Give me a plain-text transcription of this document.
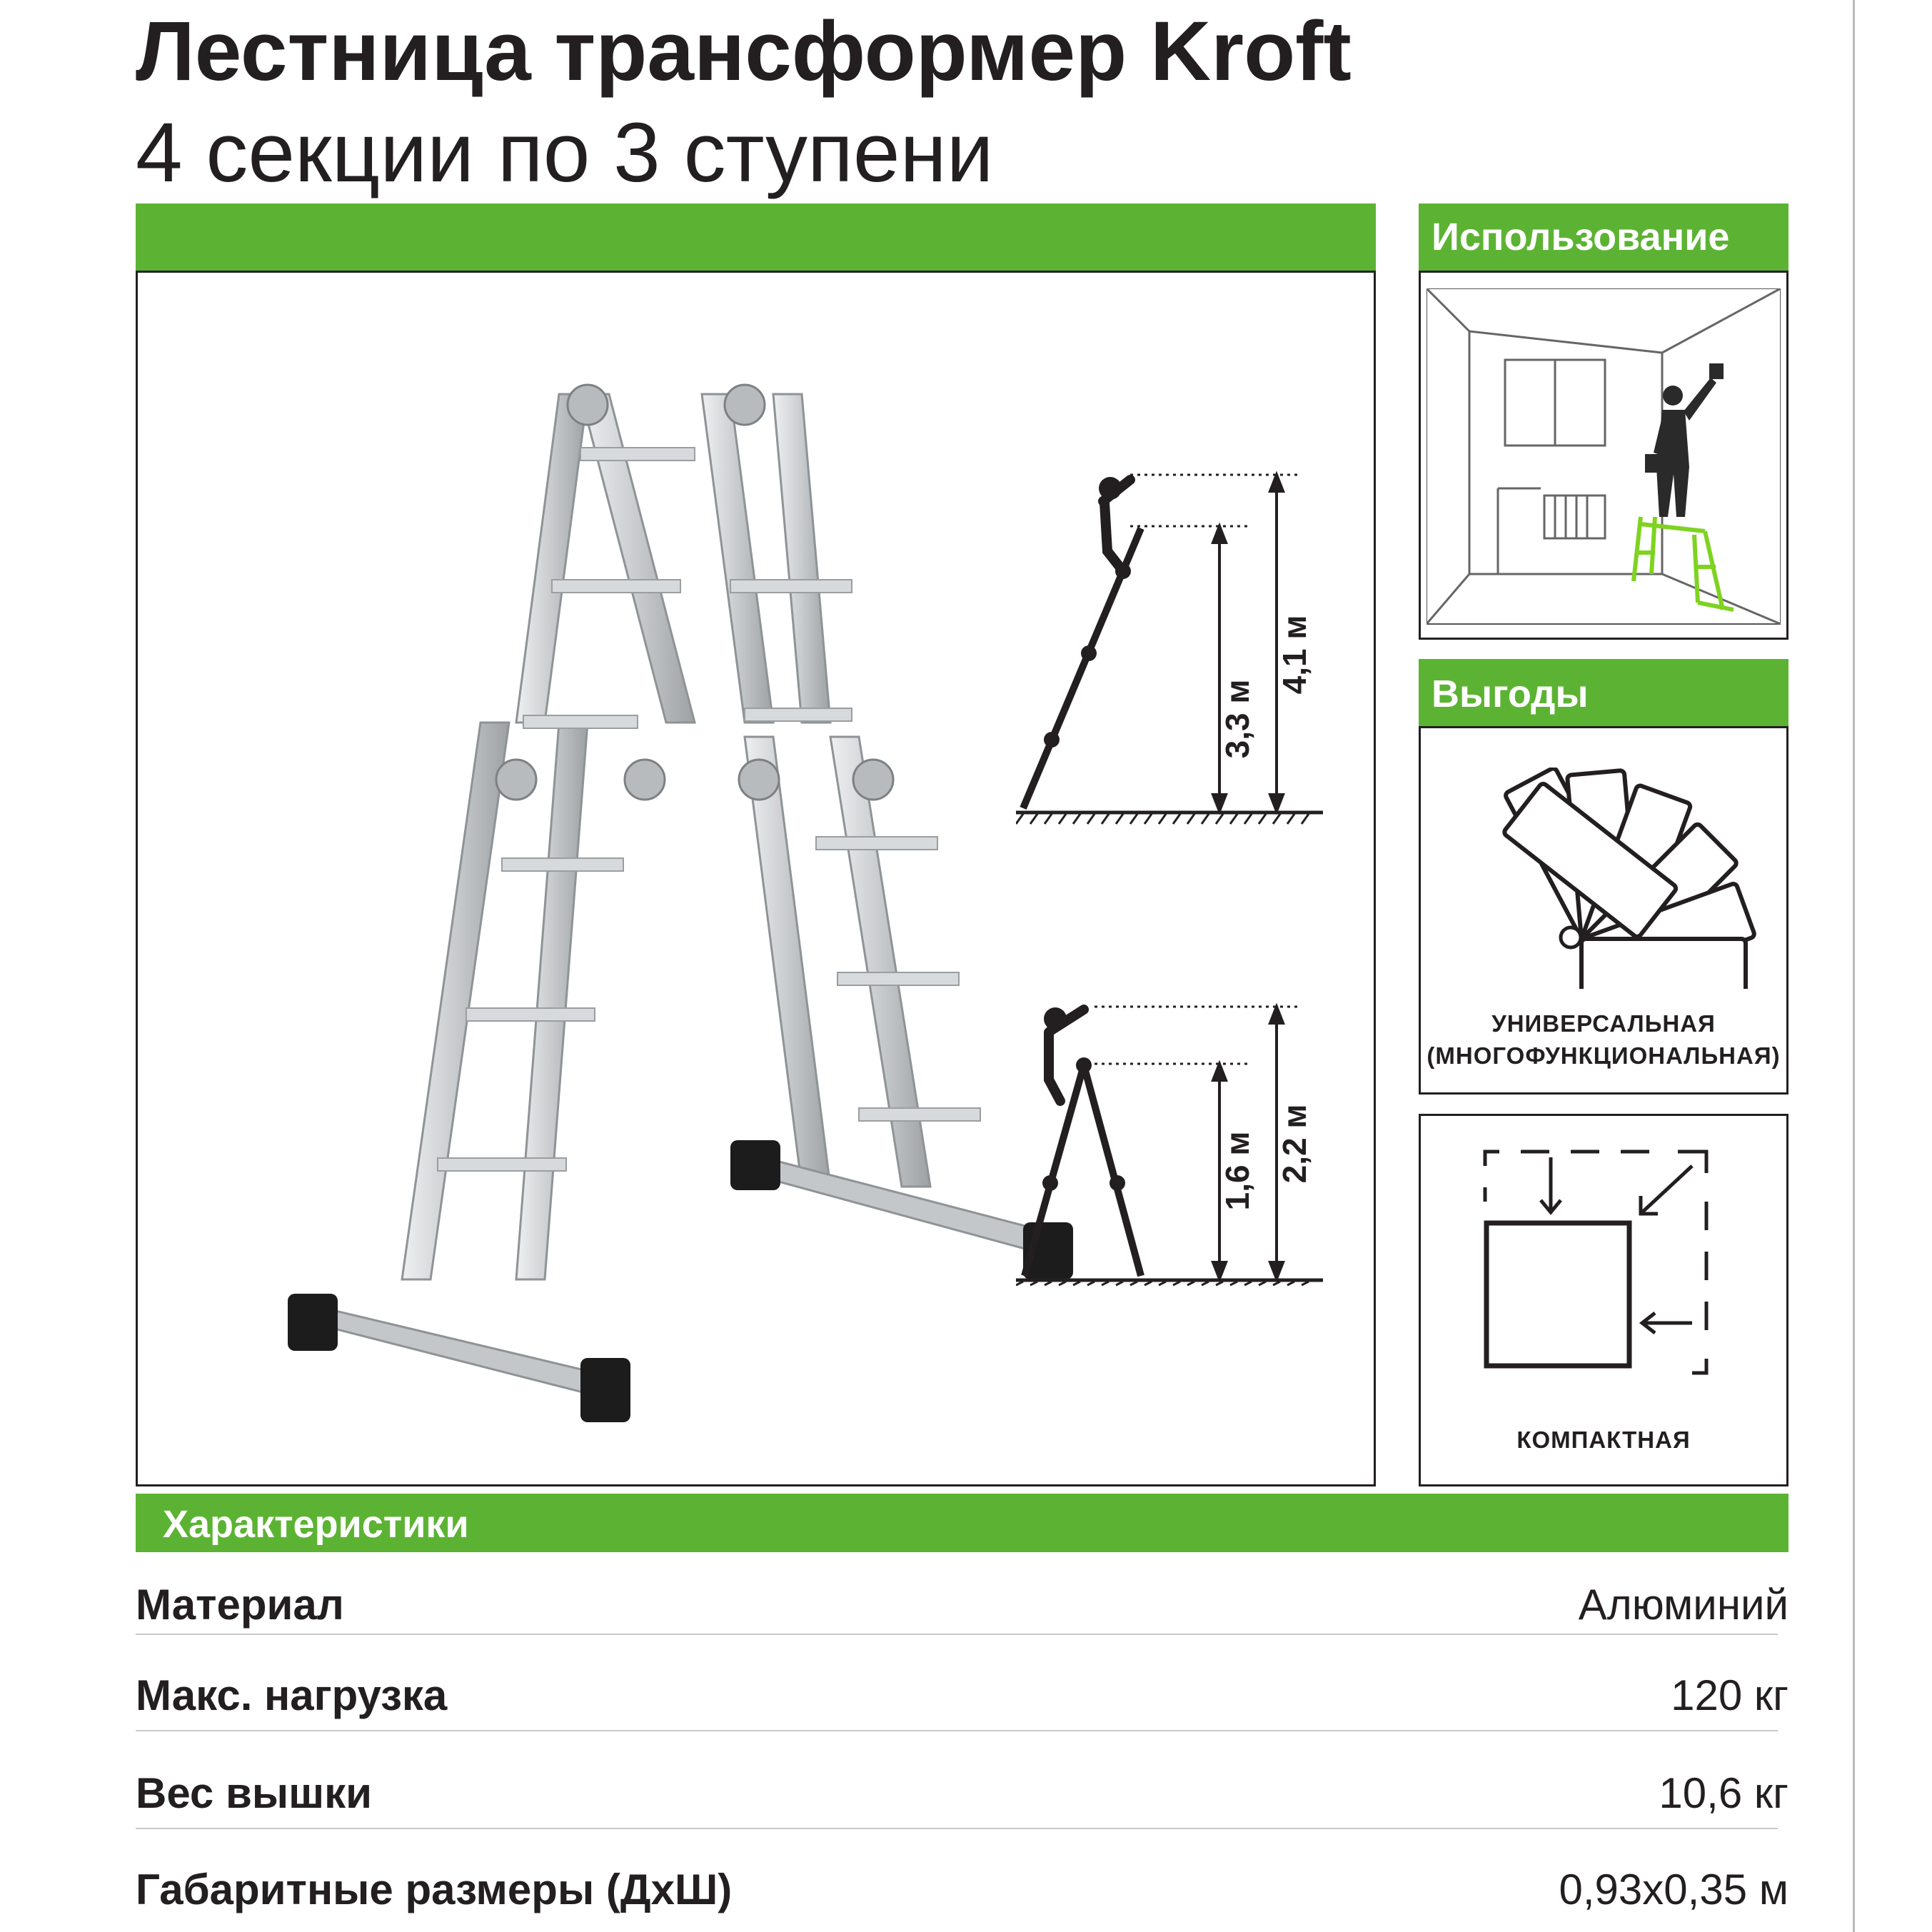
Лестница трансформер Kroft
4 секции по 3 ступени
3,3 м
4,1 м
1,6 м 2,2 м
Использование
Выгоды
УНИВЕРСАЛЬНАЯ
(МНОГОФУНКЦИОНАЛЬНАЯ)
КОМПАКТНАЯ
Характеристики
Материал	Алюминий
Макс. нагрузка	120 кг
Вес вышки	10,6 кг
Габаритные размеры (ДхШ)	0,93х0,35 м
